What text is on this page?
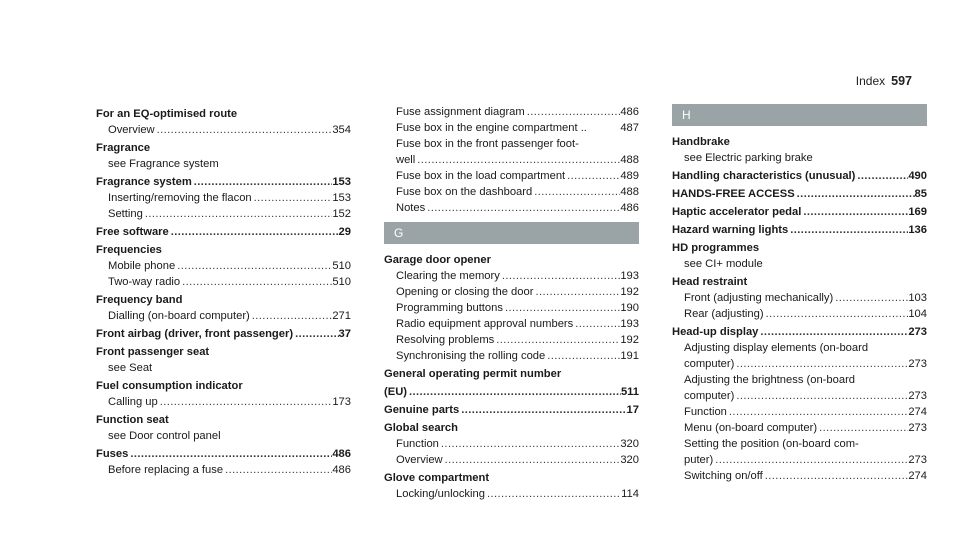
Index 597
For an EQ-optimised route
Overview .....	354
Fragrance
see Fragrance system
Fragrance system .....	153
Inserting/removing the flacon .....	153
Setting .....	152
Free software .....	29
Frequencies
Mobile phone .....	510
Two-way radio .....	510
Frequency band
Dialling (on-board computer) .....	271
Front airbag (driver, front passenger) .....	37
Front passenger seat
see Seat
Fuel consumption indicator
Calling up .....	173
Function seat
see Door control panel
Fuses .....	486
Before replacing a fuse .....	486
Fuse assignment diagram .....	486
Fuse box in the engine compartment ..	487
Fuse box in the front passenger foot-
well .....	488
Fuse box in the load compartment .....	489
Fuse box on the dashboard .....	488
Notes .....	486
G
Garage door opener
Clearing the memory .....	193
Opening or closing the door .....	192
Programming buttons .....	190
Radio equipment approval numbers .....	193
Resolving problems .....	192
Synchronising the rolling code .....	191
General operating permit number
(EU) .....	511
Genuine parts .....	17
Global search
Function .....	320
Overview .....	320
Glove compartment
Locking/unlocking .....	114
H
Handbrake
see Electric parking brake
Handling characteristics (unusual) .....	490
HANDS-FREE ACCESS .....	85
Haptic accelerator pedal .....	169
Hazard warning lights .....	136
HD programmes
see CI+ module
Head restraint
Front (adjusting mechanically) .....	103
Rear (adjusting) .....	104
Head-up display .....	273
Adjusting display elements (on-board
computer) .....	273
Adjusting the brightness (on-board
computer) .....	273
Function .....	274
Menu (on-board computer) .....	273
Setting the position (on-board com-
puter) .....	273
Switching on/off .....	274
